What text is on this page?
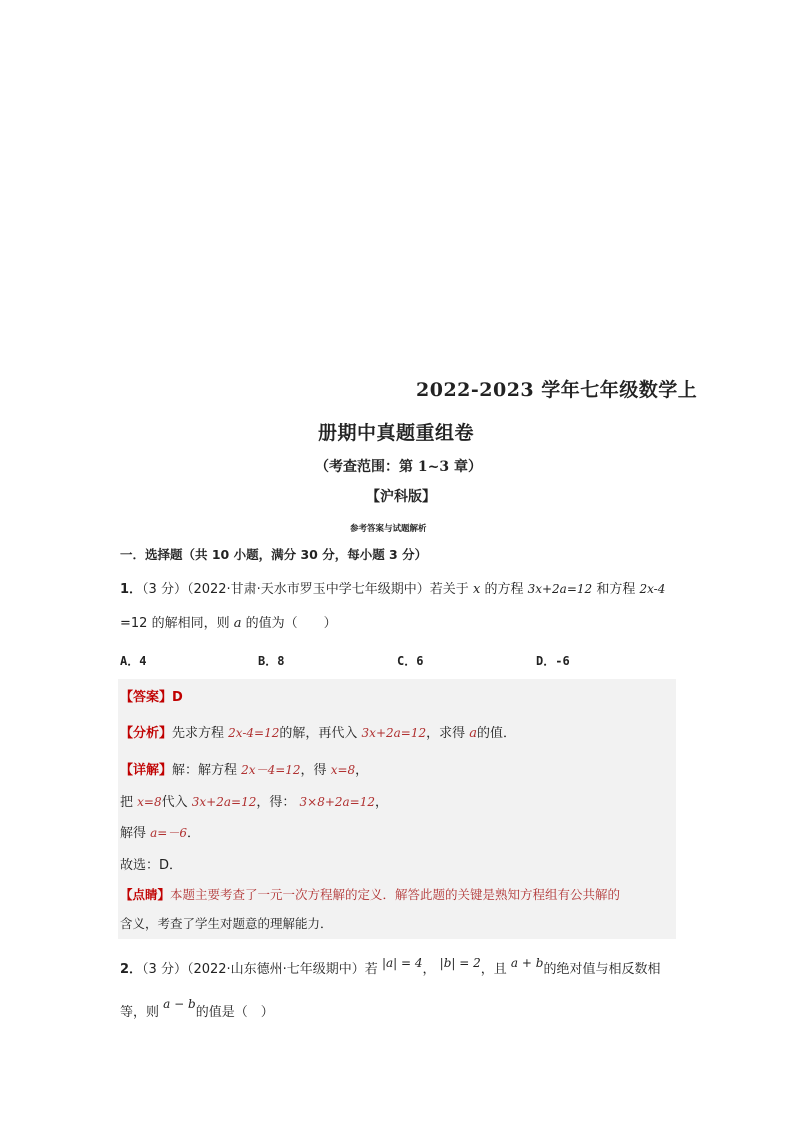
2022-2023 学年七年级数学上
册期中真题重组卷
（考查范围：第 1~3 章）
【沪科版】
参考答案与试题解析
一．选择题（共 10 小题，满分 30 分，每小题 3 分）
1．（3 分）（2022·甘肃·天水市罗玉中学七年级期中）若关于 x 的方程 3x+2a=12 和方程 2x-4
=12 的解相同，则 a 的值为（　　）
A．4	B．8	C．6	D．-6
【答案】D
【分析】先求方程 2x-4=12的解，再代入 3x+2a=12，求得 a的值．
【详解】解：解方程 2x－4=12，得 x=8，
把 x=8代入 3x+2a=12，得： 3×8+2a=12，
解得 a=－6．
故选：D．
【点睛】本题主要考查了一元一次方程解的定义．解答此题的关键是熟知方程组有公共解的
含义，考查了学生对题意的理解能力．
2．（3 分）（2022·山东德州·七年级期中）若 |a| = 4， |b| = 2，且 a + b的绝对值与相反数相
等，则 a − b的值是（　）
